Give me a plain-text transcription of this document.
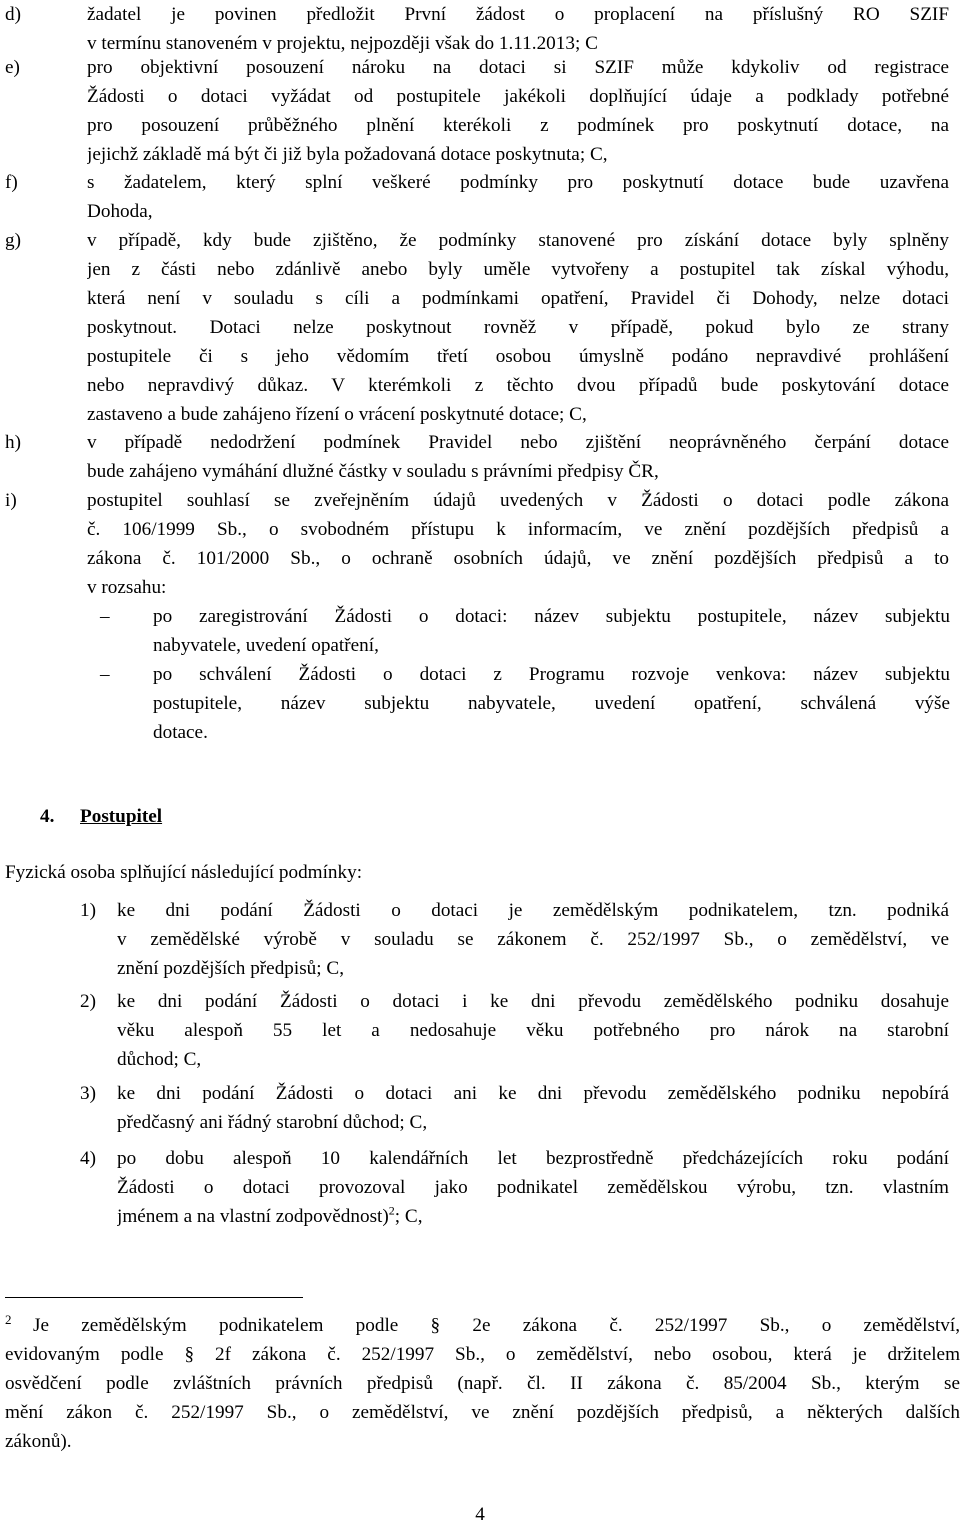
d)	žadatel je povinen předložit První žádost o proplacení na příslušný RO SZIF
v termínu stanoveném v projektu, nejpozději však do 1.11.2013; C
e)	pro objektivní posouzení nároku na dotaci si SZIF může kdykoliv od registrace
Žádosti o dotaci vyžádat od postupitele jakékoli doplňující údaje a podklady potřebné
pro posouzení průběžného plnění kterékoli z podmínek pro poskytnutí dotace, na
jejichž základě má být či již byla požadovaná dotace poskytnuta; C,
f)	s žadatelem, který splní veškeré podmínky pro poskytnutí dotace bude uzavřena
Dohoda,
g)	v případě, kdy bude zjištěno, že podmínky stanovené pro získání dotace byly splněny
jen z části nebo zdánlivě anebo byly uměle vytvořeny a postupitel tak získal výhodu,
která není v souladu s cíli a podmínkami opatření, Pravidel či Dohody, nelze dotaci
poskytnout. Dotaci nelze poskytnout rovněž v případě, pokud bylo ze strany
postupitele či s jeho vědomím třetí osobou úmyslně podáno nepravdivé prohlášení
nebo nepravdivý důkaz. V kterémkoli z těchto dvou případů bude poskytování dotace
zastaveno a bude zahájeno řízení o vrácení poskytnuté dotace; C,
h)	v případě nedodržení podmínek Pravidel nebo zjištění neoprávněného čerpání dotace
bude zahájeno vymáhání dlužné částky v souladu s právními předpisy ČR,
i)	postupitel souhlasí se zveřejněním údajů uvedených v Žádosti o dotaci podle zákona
č. 106/1999 Sb., o svobodném přístupu k informacím, ve znění pozdějších předpisů a
zákona č. 101/2000 Sb., o ochraně osobních údajů, ve znění pozdějších předpisů a to
v rozsahu:
–	po zaregistrování Žádosti o dotaci: název subjektu postupitele, název subjektu
nabyvatele, uvedení opatření,
–	po schválení Žádosti o dotaci z Programu rozvoje venkova: název subjektu
postupitele, název subjektu nabyvatele, uvedení opatření, schválená výše
dotace.
4. Postupitel
Fyzická osoba splňující následující podmínky:
1)	ke dni podání Žádosti o dotaci je zemědělským podnikatelem, tzn. podniká
v zemědělské výrobě v souladu se zákonem č. 252/1997 Sb., o zemědělství, ve
znění pozdějších předpisů; C,
2)	ke dni podání Žádosti o dotaci i ke dni převodu zemědělského podniku dosahuje
věku alespoň 55 let a nedosahuje věku potřebného pro nárok na starobní
důchod; C,
3)	ke dni podání Žádosti o dotaci ani ke dni převodu zemědělského podniku nepobírá
předčasný ani řádný starobní důchod; C,
4)	po dobu alespoň 10 kalendářních let bezprostředně předcházejících roku podání
Žádosti o dotaci provozoval jako podnikatel zemědělskou výrobu, tzn. vlastním
jménem a na vlastní zodpovědnost)$^2$; C,
2 Je zemědělským podnikatelem podle § 2e zákona č. 252/1997 Sb., o zemědělství,
evidovaným podle § 2f zákona č. 252/1997 Sb., o zemědělství, nebo osobou, která je držitelem
osvědčení podle zvláštních právních předpisů (např. čl. II zákona č. 85/2004 Sb., kterým se
mění zákon č. 252/1997 Sb., o zemědělství, ve znění pozdějších předpisů, a některých dalších
zákonů).
4
